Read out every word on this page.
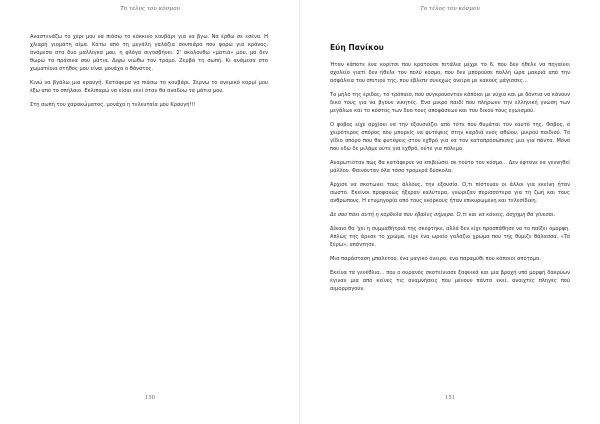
Το τέλος του κόσμου

Αναστενάζω το χέρι μου να πιάσω το κόκκινο κουβάρι για να βγω. Να έρθω σε εσένα. Η χλιαρή γιομάτη αίμα. Κάτω από τη μεγάλη γαλάζια σουπιάρα που φορώ για κράνος, ανάμεσα στα δυο μαλλιγκα μου, η φλόγα σιγοσβήνει. Σ' ακολουθώ «ματιά» μου, μα δεν θωρώ τα πράσινα σου μάτια. Διψώ νιώθω τον τρόμο. Ζερβά τη σωπή. Κι ανάμεσα στο χωματένια στήθος μου είναι μονάχα ο θάνατος.

Κινώ να βγάλω μια κραυγή. Κατάφερα να πιάσω το κουβάρι. Σέρνω το ανεμικό κορμί μου έξω από το σπήλαιο. Εκλιπαρώ να είσαι εκεί όταν θα αναδύω τα μάτια μου.

Στη σωπή του χαρακώματος, μονάχα η τελευταία μου Κραυγή!!!

150
Το τέλος του κόσμου
Εύη Πανίκου

Ήταν κάποτε ένα κορίτσι που κρατούσε πιτάλια μέχρι το 6, που δεν ήθελε να πηγαίνει σχολείο γιατί δεν ήθελε τον πολύ κόσμο, που δεν μπορούσε πολλή ώρα μακριά από την ασφάλεια του σπιτιού της, που έβλεπε συνεχώς όνειρα με κακούς μάγισσες...

Το μήλο της έριδος, το τρόπαιο, που συγκρούονταν κάποιοι με νύχια και με δόντια να κάνουν δικό τους για να βγουν νικητές. Ένα μικρό παιδί που πλήρωνε την ελληνική γνώση των μεγάλων και το κόστος των δυο τους αποφάσεων και του δικού τους εγωισμού.

Ο φόβος είχε αρχίσει να την εξουσιάζει από τότε που θυμάται τον εαυτό της. Φόβος, ο χειρότερος σπόρος που μπορείς να φυτέψεις στην καρδιά ενός αθώου, μικρού παιδιού. Το γίδιο σπόρο που θα φυτέψεις στον εχθρό για να τον καταπροσώπισες μια για πάντα. Μόνο που εδώ δε μιλάμε ούτε για εχθρό, ούτε για πόλεμο.

Αναρωτιόταν πώς θα κατάφερνε να επιβιώσει σε τούτο τον κόσμο... Δεν έφτανε να γεννηθεί μάλλον. Φαινόνταν όλα τόσο τρομερά δύσκολα.

Άρχισε να σκοτώνει τους άλλους, την εξουσία. Ο,τι πίστευαν οι άλλοι για εκείνη ήταν σωστό. Εκείνοι προφανώς ήξεραν καλύτερα, γνώριζαν περισσότερα για τη ζωή και τους ανθρώπους. Η ετυμηγορία από τους ενόρκους ήταν επικυρωμένη και τελεσίδικη.

Δε σου πάει αυτή η κορδέλα που έβαλες σήμερα. Ό,τι και να κάνεις, άσχημη θα γίνεσαι.

Δίκαιο θα 'χει η συμμαθήτριά της σκέφτηκε, αλλά δεν είχε προσπάθησε να το παίξει όμορφη. Απλώς της άρεσε το χρώμα, είχε ένα ωραίο γαλάζιο χρώμα που της θύμιζε θάλασσα. «Το ξέρω», απάντησε.

Μια παράσταση μπαλέτου, ένα μαγικό όνειρο, ένα παραμύθι που κάποιοι απότομα.

Εκείνα τα γενέθλια... που ο ουρανός σκοτείνιασε ξαφνικά και μια βροχή υπό μορφή δακρύων έγιναν μια από κείνες τις αναμνήσεις που μένουν πάντα εκεί, ανοιχτές πληγές που αιμορραγούν.

151
